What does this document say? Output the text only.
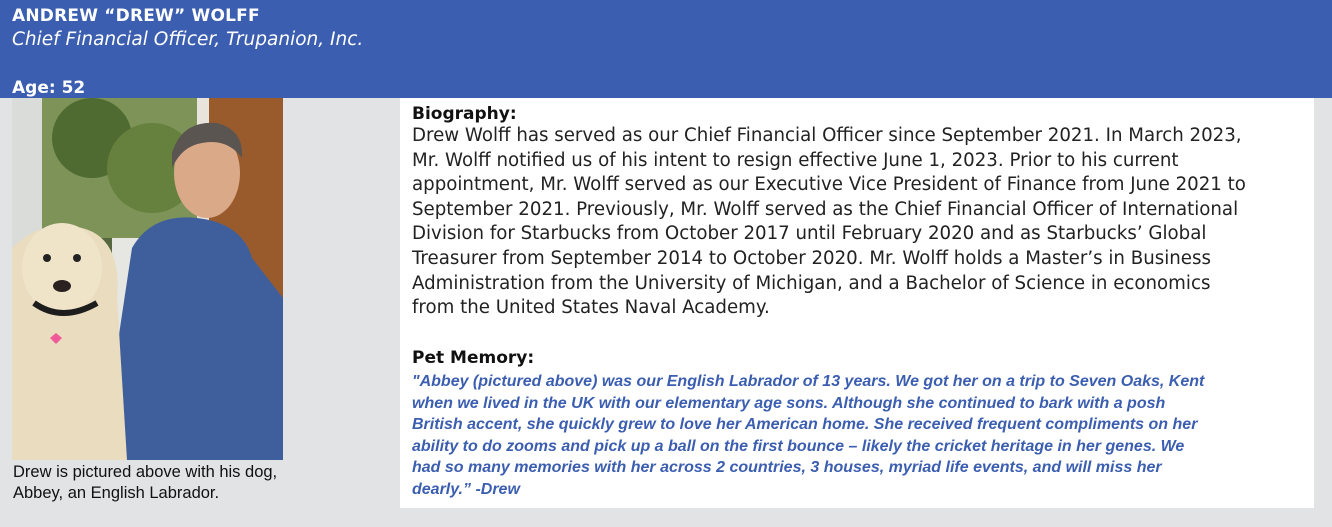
ANDREW “DREW” WOLFF
Chief Financial Officer, Trupanion, Inc.
Age: 52
Drew is pictured above with his dog,
Abbey, an English Labrador.
Biography:
Drew Wolff has served as our Chief Financial Officer since September 2021. In March 2023,
Mr. Wolff notified us of his intent to resign effective June 1, 2023. Prior to his current
appointment, Mr. Wolff served as our Executive Vice President of Finance from June 2021 to
September 2021. Previously, Mr. Wolff served as the Chief Financial Officer of International
Division for Starbucks from October 2017 until February 2020 and as Starbucks’ Global
Treasurer from September 2014 to October 2020. Mr. Wolff holds a Master’s in Business
Administration from the University of Michigan, and a Bachelor of Science in economics
from the United States Naval Academy.
Pet Memory:
"Abbey (pictured above) was our English Labrador of 13 years. We got her on a trip to Seven Oaks, Kent
when we lived in the UK with our elementary age sons. Although she continued to bark with a posh
British accent, she quickly grew to love her American home. She received frequent compliments on her
ability to do zooms and pick up a ball on the first bounce – likely the cricket heritage in her genes. We
had so many memories with her across 2 countries, 3 houses, myriad life events, and will miss her
dearly.” -Drew
